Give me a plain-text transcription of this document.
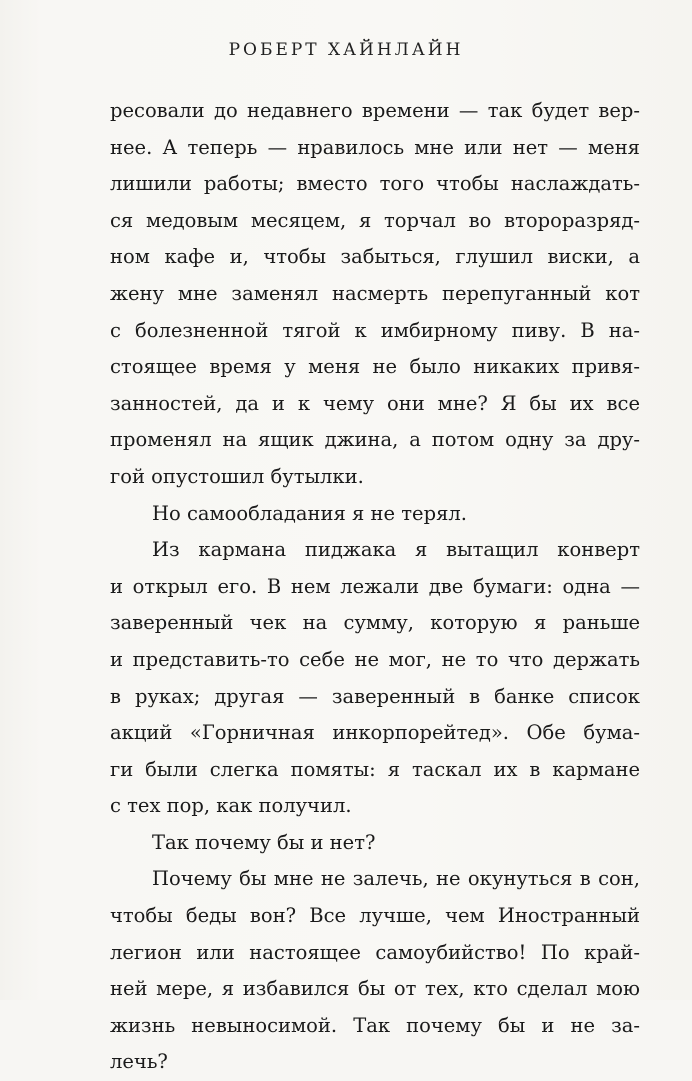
РОБЕРТ ХАЙНЛАЙН
ресовали до недавнего времени — так будет вер-
нее. А теперь — нравилось мне или нет — меня
лишили работы; вместо того чтобы наслаждать-
ся медовым месяцем, я торчал во второразряд-
ном кафе и, чтобы забыться, глушил виски, а
жену мне заменял насмерть перепуганный кот
с болезненной тягой к имбирному пиву. В на-
стоящее время у меня не было никаких привя-
занностей, да и к чему они мне? Я бы их все
променял на ящик джина, а потом одну за дру-
гой опустошил бутылки.
Но самообладания я не терял.
Из кармана пиджака я вытащил конверт
и открыл его. В нем лежали две бумаги: одна —
заверенный чек на сумму, которую я раньше
и представить-то себе не мог, не то что держать
в руках; другая — заверенный в банке список
акций «Горничная инкорпорейтед». Обе бума-
ги были слегка помяты: я таскал их в кармане
с тех пор, как получил.
Так почему бы и нет?
Почему бы мне не залечь, не окунуться в сон,
чтобы беды вон? Все лучше, чем Иностранный
легион или настоящее самоубийство! По край-
ней мере, я избавился бы от тех, кто сделал мою
жизнь невыносимой. Так почему бы и не за-
лечь?
